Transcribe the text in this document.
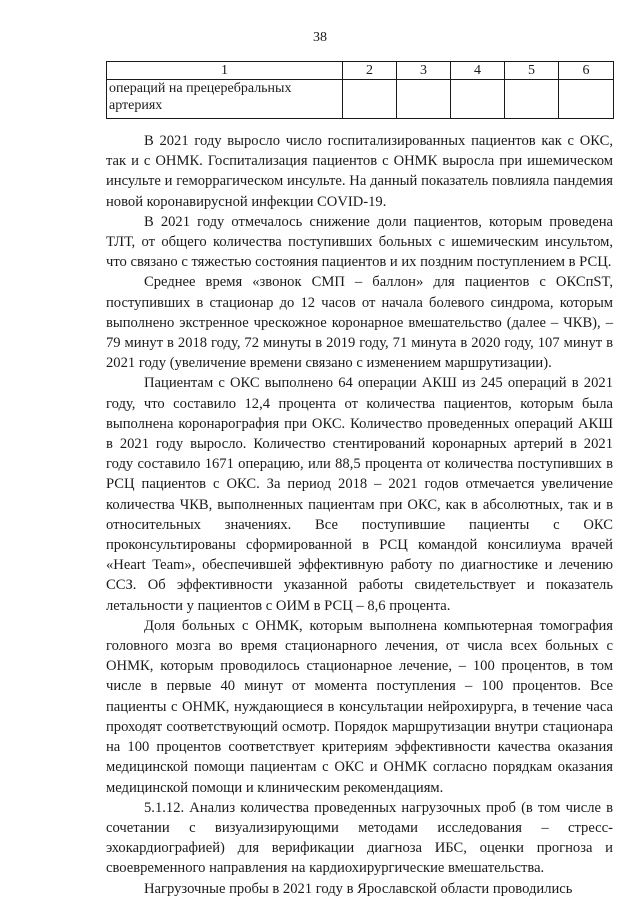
38
1	2	3	4	5	6
операций на прецеребральных артериях					

В 2021 году выросло число госпитализированных пациентов как с ОКС, так и с ОНМК. Госпитализация пациентов с ОНМК выросла при ишемическом инсульте и геморрагическом инсульте. На данный показатель повлияла пандемия новой коронавирусной инфекции COVID-19.

В 2021 году отмечалось снижение доли пациентов, которым проведена ТЛТ, от общего количества поступивших больных с ишемическим инсультом, что связано с тяжестью состояния пациентов и их поздним поступлением в РСЦ.

Среднее время «звонок СМП – баллон» для пациентов с ОКСпST, поступивших в стационар до 12 часов от начала болевого синдрома, которым выполнено экстренное чрескожное коронарное вмешательство (далее – ЧКВ), – 79 минут в 2018 году, 72 минуты в 2019 году, 71 минута в 2020 году, 107 минут в 2021 году (увеличение времени связано с изменением маршрутизации).

Пациентам с ОКС выполнено 64 операции АКШ из 245 операций в 2021 году, что составило 12,4 процента от количества пациентов, которым была выполнена коронарография при ОКС. Количество проведенных операций АКШ в 2021 году выросло. Количество стентирований коронарных артерий в 2021 году составило 1671 операцию, или 88,5 процента от количества поступивших в РСЦ пациентов с ОКС. За период 2018 – 2021 годов отмечается увеличение количества ЧКВ, выполненных пациентам при ОКС, как в абсолютных, так и в относительных значениях. Все поступившие пациенты с ОКС проконсультированы сформированной в РСЦ командой консилиума врачей «Heart Team», обеспечившей эффективную работу по диагностике и лечению ССЗ. Об эффективности указанной работы свидетельствует и показатель летальности у пациентов с ОИМ в РСЦ – 8,6 процента.

Доля больных с ОНМК, которым выполнена компьютерная томография головного мозга во время стационарного лечения, от числа всех больных с ОНМК, которым проводилось стационарное лечение, – 100 процентов, в том числе в первые 40 минут от момента поступления – 100 процентов. Все пациенты с ОНМК, нуждающиеся в консультации нейрохирурга, в течение часа проходят соответствующий осмотр. Порядок маршрутизации внутри стационара на 100 процентов соответствует критериям эффективности качества оказания медицинской помощи пациентам с ОКС и ОНМК согласно порядкам оказания медицинской помощи и клиническим рекомендациям.

5.1.12. Анализ количества проведенных нагрузочных проб (в том числе в сочетании с визуализирующими методами исследования – стресс-эхокардиографией) для верификации диагноза ИБС, оценки прогноза и своевременного направления на кардиохирургические вмешательства.

Нагрузочные пробы в 2021 году в Ярославской области проводились
